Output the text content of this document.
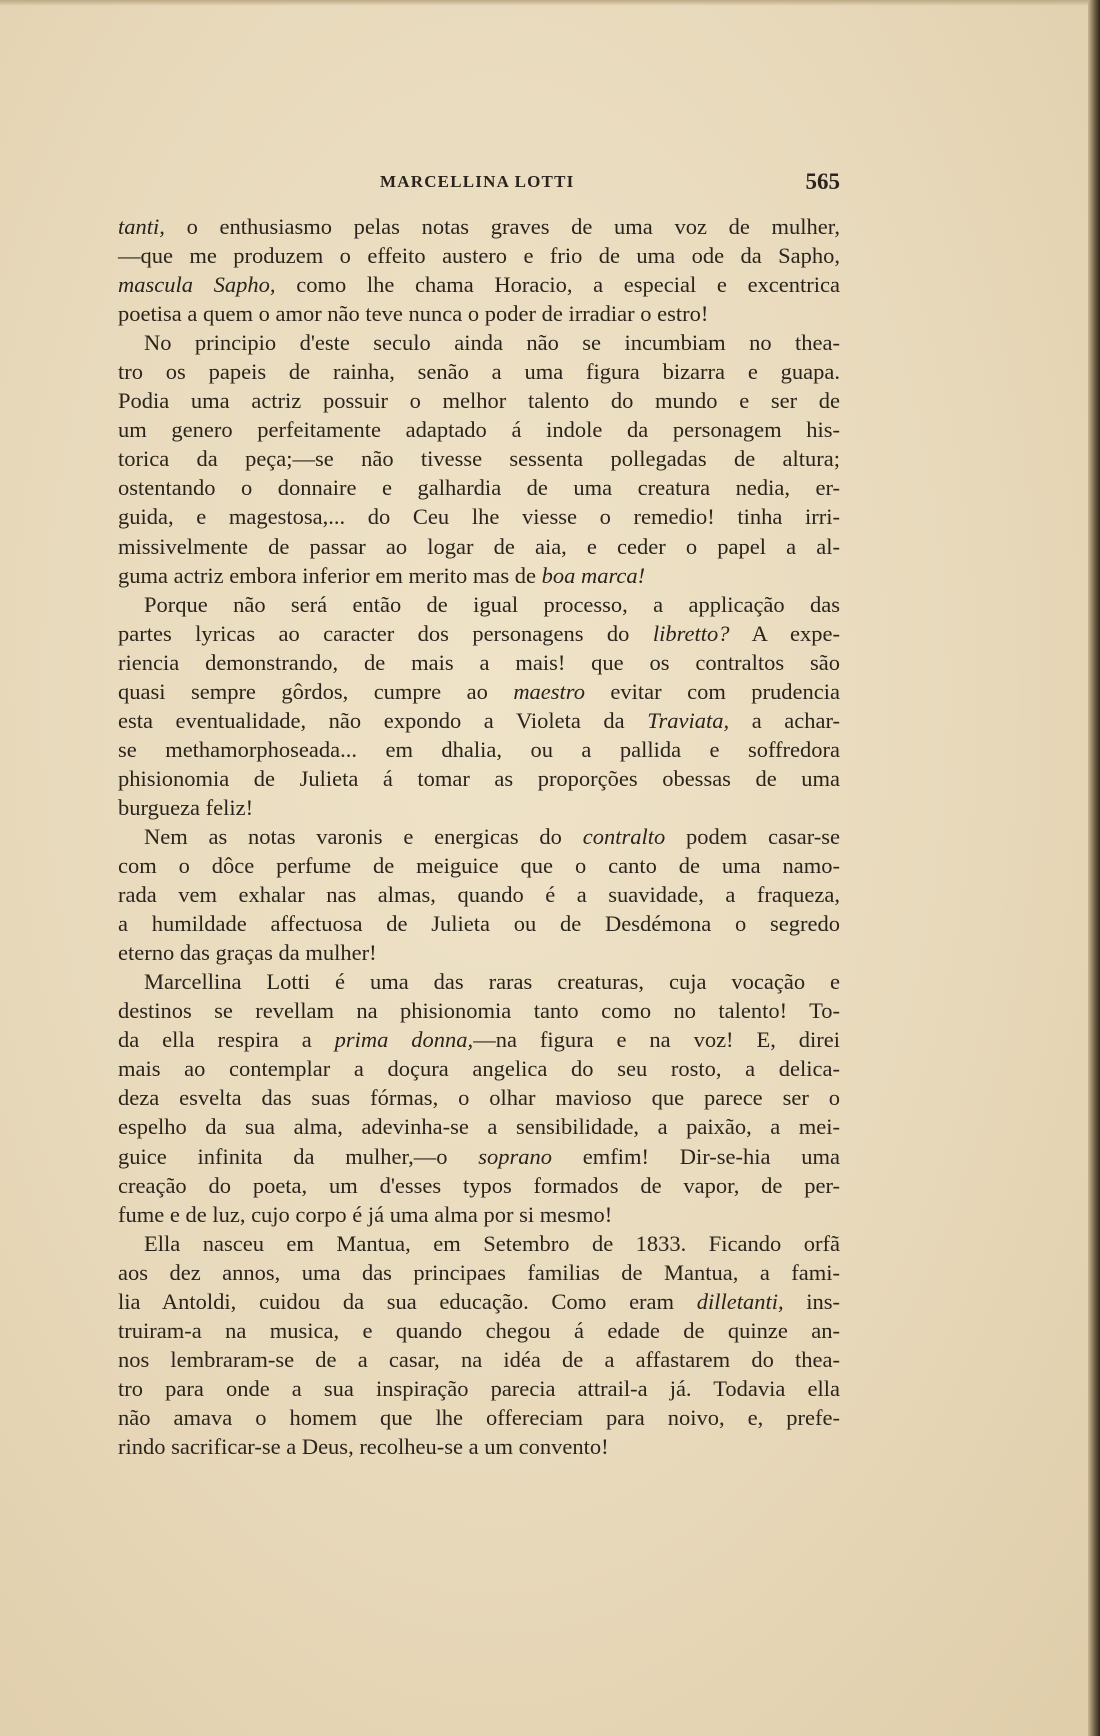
MARCELLINA LOTTI	565
tanti, o enthusiasmo pelas notas graves de uma voz de mulher,
—que me produzem o effeito austero e frio de uma ode da Sapho,
mascula Sapho, como lhe chama Horacio, a especial e excentrica
poetisa a quem o amor não teve nunca o poder de irradiar o estro!
No principio d'este seculo ainda não se incumbiam no thea-
tro os papeis de rainha, senão a uma figura bizarra e guapa.
Podia uma actriz possuir o melhor talento do mundo e ser de
um genero perfeitamente adaptado á indole da personagem his-
torica da peça;—se não tivesse sessenta pollegadas de altura;
ostentando o donnaire e galhardia de uma creatura nedia, er-
guida, e magestosa,... do Ceu lhe viesse o remedio! tinha irri-
missivelmente de passar ao logar de aia, e ceder o papel a al-
guma actriz embora inferior em merito mas de boa marca!
Porque não será então de igual processo, a applicação das
partes lyricas ao caracter dos personagens do libretto? A expe-
riencia demonstrando, de mais a mais! que os contraltos são
quasi sempre gôrdos, cumpre ao maestro evitar com prudencia
esta eventualidade, não expondo a Violeta da Traviata, a achar-
se methamorphoseada... em dhalia, ou a pallida e soffredora
phisionomia de Julieta á tomar as proporções obessas de uma
burgueza feliz!
Nem as notas varonis e energicas do contralto podem casar-se
com o dôce perfume de meiguice que o canto de uma namo-
rada vem exhalar nas almas, quando é a suavidade, a fraqueza,
a humildade affectuosa de Julieta ou de Desdémona o segredo
eterno das graças da mulher!
Marcellina Lotti é uma das raras creaturas, cuja vocação e
destinos se revellam na phisionomia tanto como no talento! To-
da ella respira a prima donna,—na figura e na voz! E, direi
mais ao contemplar a doçura angelica do seu rosto, a delica-
deza esvelta das suas fórmas, o olhar mavioso que parece ser o
espelho da sua alma, adevinha-se a sensibilidade, a paixão, a mei-
guice infinita da mulher,—o soprano emfim! Dir-se-hia uma
creação do poeta, um d'esses typos formados de vapor, de per-
fume e de luz, cujo corpo é já uma alma por si mesmo!
Ella nasceu em Mantua, em Setembro de 1833. Ficando orfã
aos dez annos, uma das principaes familias de Mantua, a fami-
lia Antoldi, cuidou da sua educação. Como eram dilletanti, ins-
truiram-a na musica, e quando chegou á edade de quinze an-
nos lembraram-se de a casar, na idéa de a affastarem do thea-
tro para onde a sua inspiração parecia attrail-a já. Todavia ella
não amava o homem que lhe offereciam para noivo, e, prefe-
rindo sacrificar-se a Deus, recolheu-se a um convento!
